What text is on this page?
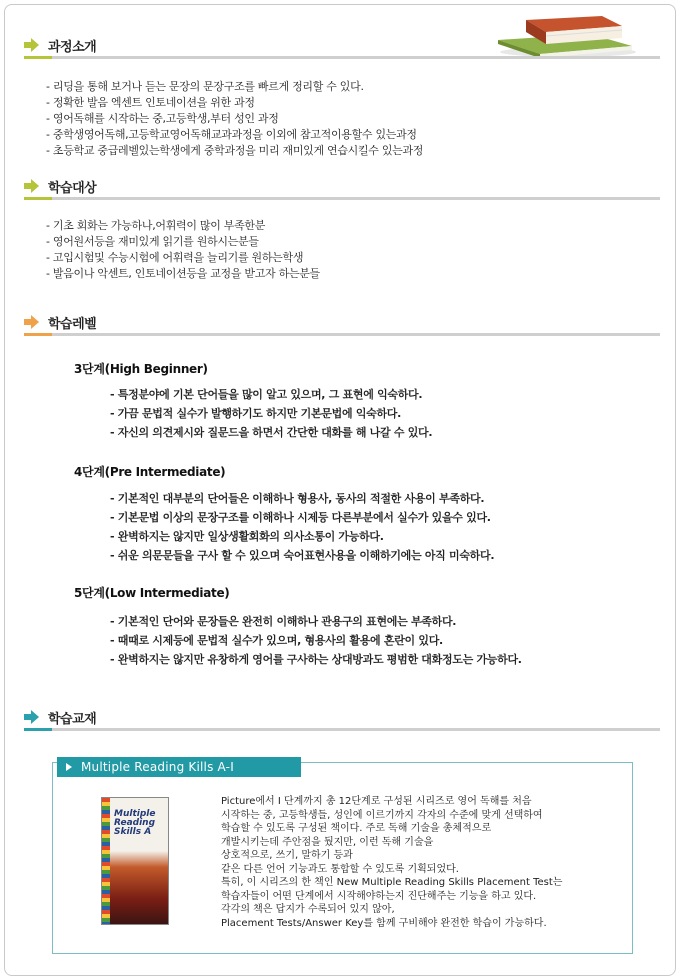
과정소개
- 리딩을 통해 보거나 듣는 문장의 문장구조를 빠르게 정리할 수 있다.
- 정확한 발음 엑센트 인토네이션을 위한 과정
- 영어독해를 시작하는 중,고등학생,부터 성인 과정
- 중학생영어독해,고등학교영어독해교과과정을 이외에 참고적이용할수 있는과정
- 초등학교 중급레벨있는학생에게 중학과정을 미리 재미있게 연습시킬수 있는과정
학습대상
- 기초 회화는 가능하나,어휘력이 많이 부족한분
- 영어원서등을 재미있게 읽기를 원하시는분들
- 고입시험및 수능시험에 어휘력을 늘리기를 원하는학생
- 발음이나 악센트, 인토네이션등을 교정을 받고자 하는분들
학습레벨
3단계(High Beginner)
- 특정분야에 기본 단어들을 많이 알고 있으며, 그 표현에 익숙하다.
- 가끔 문법적 실수가 발행하기도 하지만 기본문법에 익숙하다.
- 자신의 의견제시와 질문드을 하면서 간단한 대화를 해 나갈 수 있다.
4단계(Pre Intermediate)
- 기본적인 대부분의 단어들은 이해하나 형용사, 동사의 적절한 사용이 부족하다.
- 기본문법 이상의 문장구조를 이해하나 시제등 다른부분에서 실수가 있을수 있다.
- 완벽하지는 않지만 일상생활회화의 의사소통이 가능하다.
- 쉬운 의문문들을 구사 할 수 있으며 숙어표현사용을 이해하기에는 아직 미숙하다.
5단계(Low Intermediate)
- 기본적인 단어와 문장들은 완전히 이해하나 관용구의 표현에는 부족하다.
- 때때로 시제등에 문법적 실수가 있으며, 형용사의 활용에 혼란이 있다.
- 완벽하지는 않지만 유창하게 영어를 구사하는 상대방과도 평범한 대화정도는 가능하다.
학습교재
Multiple Reading Kills A-I
Multiple Reading Skills A
Picture에서 I 단계까지 총 12단계로 구성된 시리즈로 영어 독해를 처음
시작하는 중, 고등학생들, 성인에 이르기까지 각자의 수준에 맞게 선택하여
학습할 수 있도록 구성된 책이다. 주로 독해 기술을 총체적으로
개발시키는데 주안점을 뒀지만, 이런 독해 기술을
상호적으로, 쓰기, 말하기 등과
같은 다른 언어 기능과도 통합할 수 있도록 기획되었다.
특히, 이 시리즈의 한 책인 New Multiple Reading Skills Placement Test는
학습자들이 어떤 단계에서 시작해야하는지 진단해주는 기능을 하고 있다.
각각의 책은 답지가 수록되어 있지 않아,
Placement Tests/Answer Key를 함께 구비해야 완전한 학습이 가능하다.
